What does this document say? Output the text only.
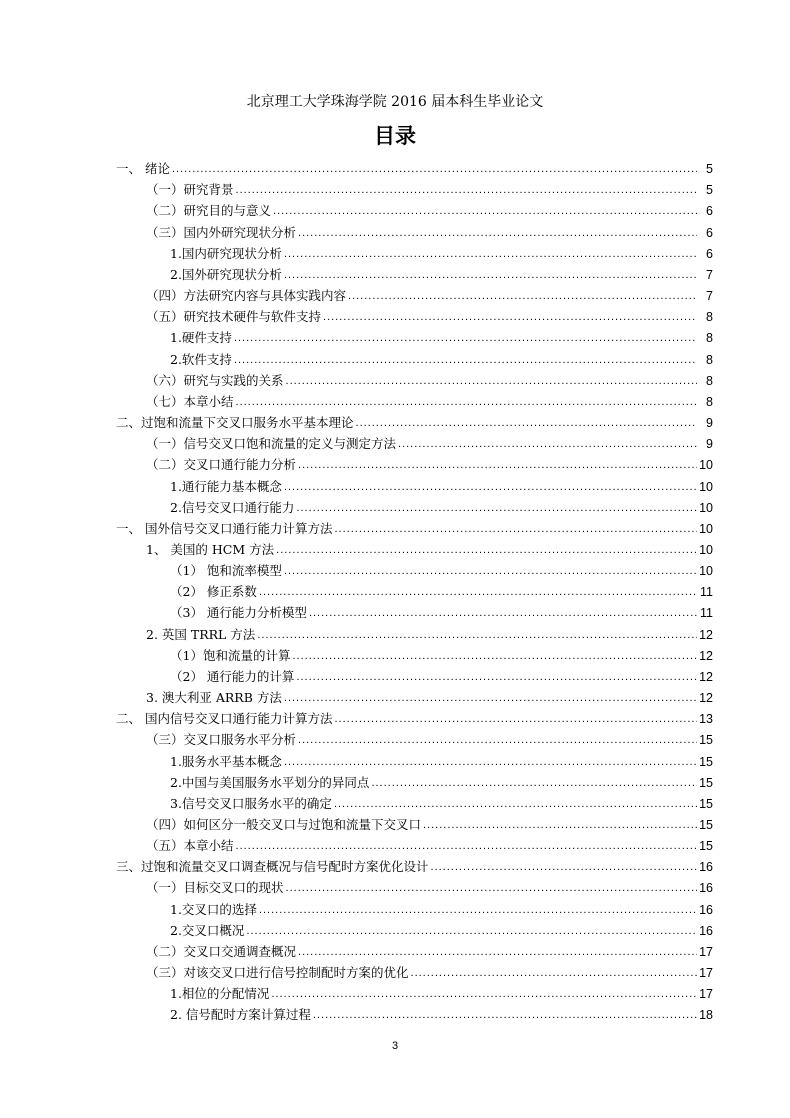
北京理工大学珠海学院 2016 届本科生毕业论文
目录
一、 绪论 .....	5
（一）研究背景 .....	5
（二）研究目的与意义 .....	6
（三）国内外研究现状分析 .....	6
1.国内研究现状分析 .....	6
2.国外研究现状分析 .....	7
（四）方法研究内容与具体实践内容 .....	7
（五）研究技术硬件与软件支持 .....	8
1.硬件支持 .....	8
2.软件支持 .....	8
（六）研究与实践的关系 .....	8
（七）本章小结 .....	8
二、过饱和流量下交叉口服务水平基本理论 .....	9
（一）信号交叉口饱和流量的定义与测定方法 .....	9
（二）交叉口通行能力分析 .....	10
1.通行能力基本概念 .....	10
2.信号交叉口通行能力 .....	10
一、 国外信号交叉口通行能力计算方法 .....	10
1、 美国的 HCM 方法 .....	10
（1） 饱和流率模型 .....	10
（2） 修正系数 .....	11
（3） 通行能力分析模型 .....	11
2. 英国 TRRL 方法 .....	12
（1）饱和流量的计算 .....	12
（2） 通行能力的计算 .....	12
3. 澳大利亚 ARRB 方法 .....	12
二、 国内信号交叉口通行能力计算方法 .....	13
（三）交叉口服务水平分析 .....	15
1.服务水平基本概念 .....	15
2.中国与美国服务水平划分的异同点 .....	15
3.信号交叉口服务水平的确定 .....	15
（四）如何区分一般交叉口与过饱和流量下交叉口 .....	15
（五）本章小结 .....	15
三、过饱和流量交叉口调查概况与信号配时方案优化设计 .....	16
（一）目标交叉口的现状 .....	16
1.交叉口的选择 .....	16
2.交叉口概况 .....	16
（二）交叉口交通调查概况 .....	17
（三）对该交叉口进行信号控制配时方案的优化 .....	17
1.相位的分配情况 .....	17
2. 信号配时方案计算过程 .....	18
3
